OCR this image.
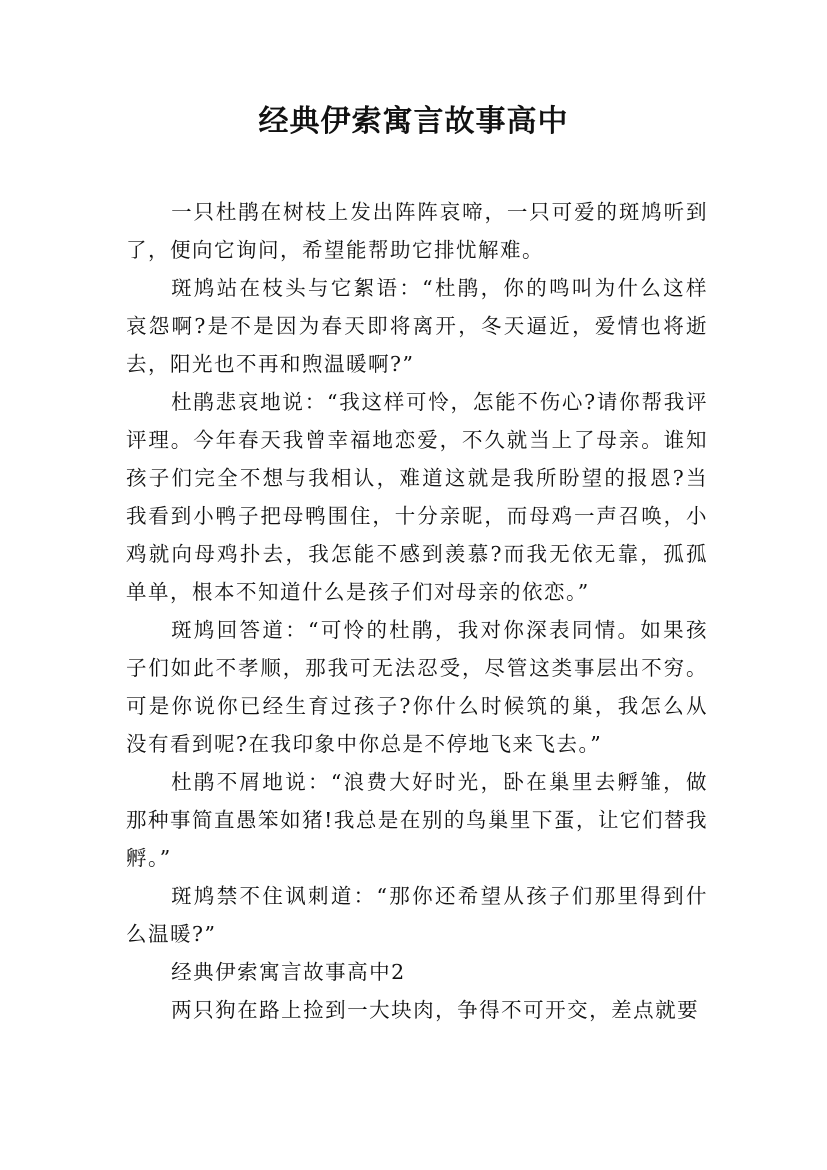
经典伊索寓言故事高中

一只杜鹃在树枝上发出阵阵哀啼，一只可爱的斑鸠听到了，便向它询问，希望能帮助它排忧解难。

斑鸠站在枝头与它絮语：“杜鹃，你的鸣叫为什么这样哀怨啊?是不是因为春天即将离开，冬天逼近，爱情也将逝去，阳光也不再和煦温暖啊?”

杜鹃悲哀地说：“我这样可怜，怎能不伤心?请你帮我评评理。今年春天我曾幸福地恋爱，不久就当上了母亲。谁知孩子们完全不想与我相认，难道这就是我所盼望的报恩?当我看到小鸭子把母鸭围住，十分亲昵，而母鸡一声召唤，小鸡就向母鸡扑去，我怎能不感到羡慕?而我无依无靠，孤孤单单，根本不知道什么是孩子们对母亲的依恋。”

斑鸠回答道：“可怜的杜鹃，我对你深表同情。如果孩子们如此不孝顺，那我可无法忍受，尽管这类事层出不穷。可是你说你已经生育过孩子?你什么时候筑的巢，我怎么从没有看到呢?在我印象中你总是不停地飞来飞去。”

杜鹃不屑地说：“浪费大好时光，卧在巢里去孵雏，做那种事简直愚笨如猪!我总是在别的鸟巢里下蛋，让它们替我孵。”

斑鸠禁不住讽刺道：“那你还希望从孩子们那里得到什么温暖?”

经典伊索寓言故事高中2

两只狗在路上捡到一大块肉，争得不可开交，差点就要
